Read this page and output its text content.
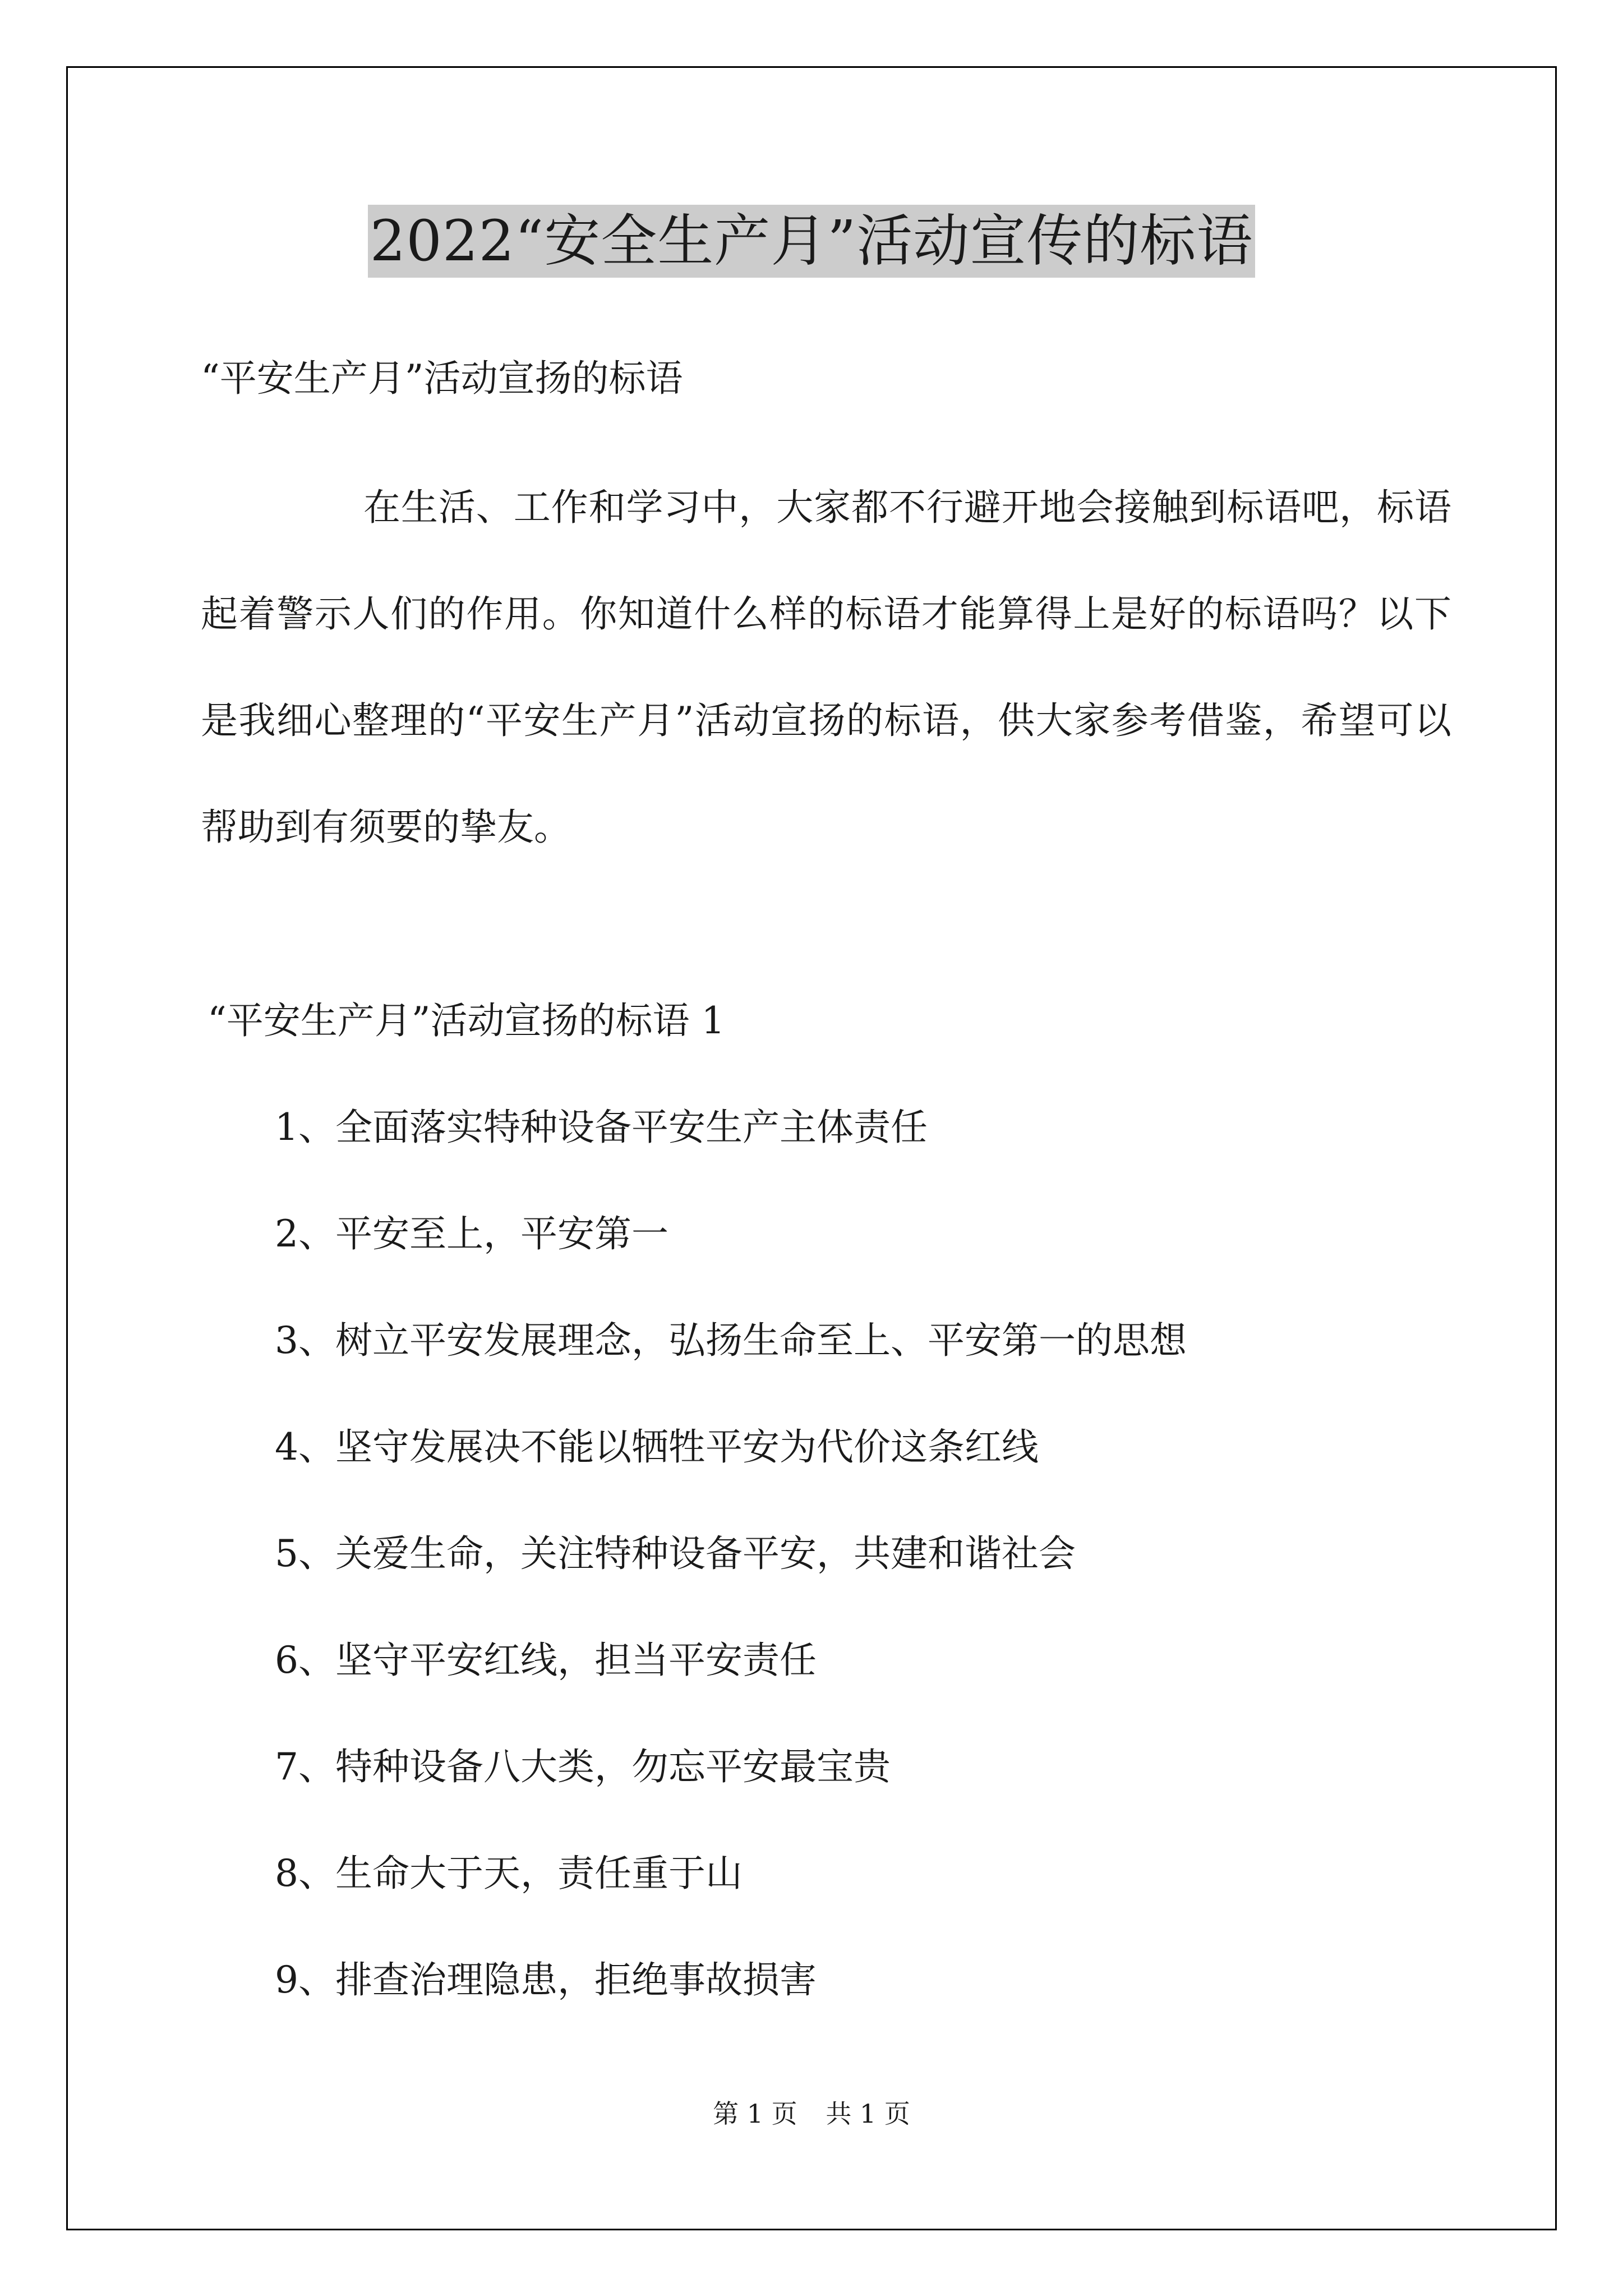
2022“安全生产月”活动宣传的标语
“平安生产月”活动宣扬的标语

在生活、工作和学习中，大家都不行避开地会接触到标语吧，标语起着警示人们的作用。你知道什么样的标语才能算得上是好的标语吗？以下是我细心整理的“平安生产月”活动宣扬的标语，供大家参考借鉴，希望可以帮助到有须要的挚友。

“平安生产月”活动宣扬的标语 1
1、全面落实特种设备平安生产主体责任
2、平安至上，平安第一
3、树立平安发展理念，弘扬生命至上、平安第一的思想
4、坚守发展决不能以牺牲平安为代价这条红线
5、关爱生命，关注特种设备平安，共建和谐社会
6、坚守平安红线，担当平安责任
7、特种设备八大类，勿忘平安最宝贵
8、生命大于天，责任重于山
9、排查治理隐患，拒绝事故损害
第 1 页 共 1 页
